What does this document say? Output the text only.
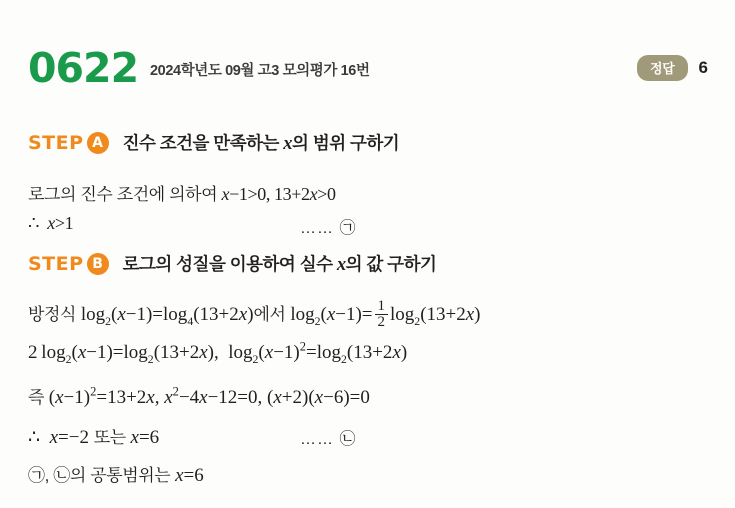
0622 2024학년도 09월 고3 모의평가 16번	정답	6
STEP A	진수 조건을 만족하는 x의 범위 구하기
로그의 진수 조건에 의하여 x−1>0, 13+2x>0
∴  x>1	…… ㉠
STEP B	로그의 성질을 이용하여 실수 x의 값 구하기
방정식 $\log_2(x-1)=\log_4(13+2x)$에서 $\log_2(x-1)= \frac{1}{2} \log_2(13+2x)$
2 $\log_2(x-1)=\log_2(13+2x)$,  $\log_2(x-1)^2=\log_2(13+2x)$
즉 $(x-1)^2=13+2x$, $x^2-4x-12=0$, (x+2)(x−6)=0
∴  x=−2 또는 x=6	…… ㉡
㉠, ㉡의 공통범위는 x=6
